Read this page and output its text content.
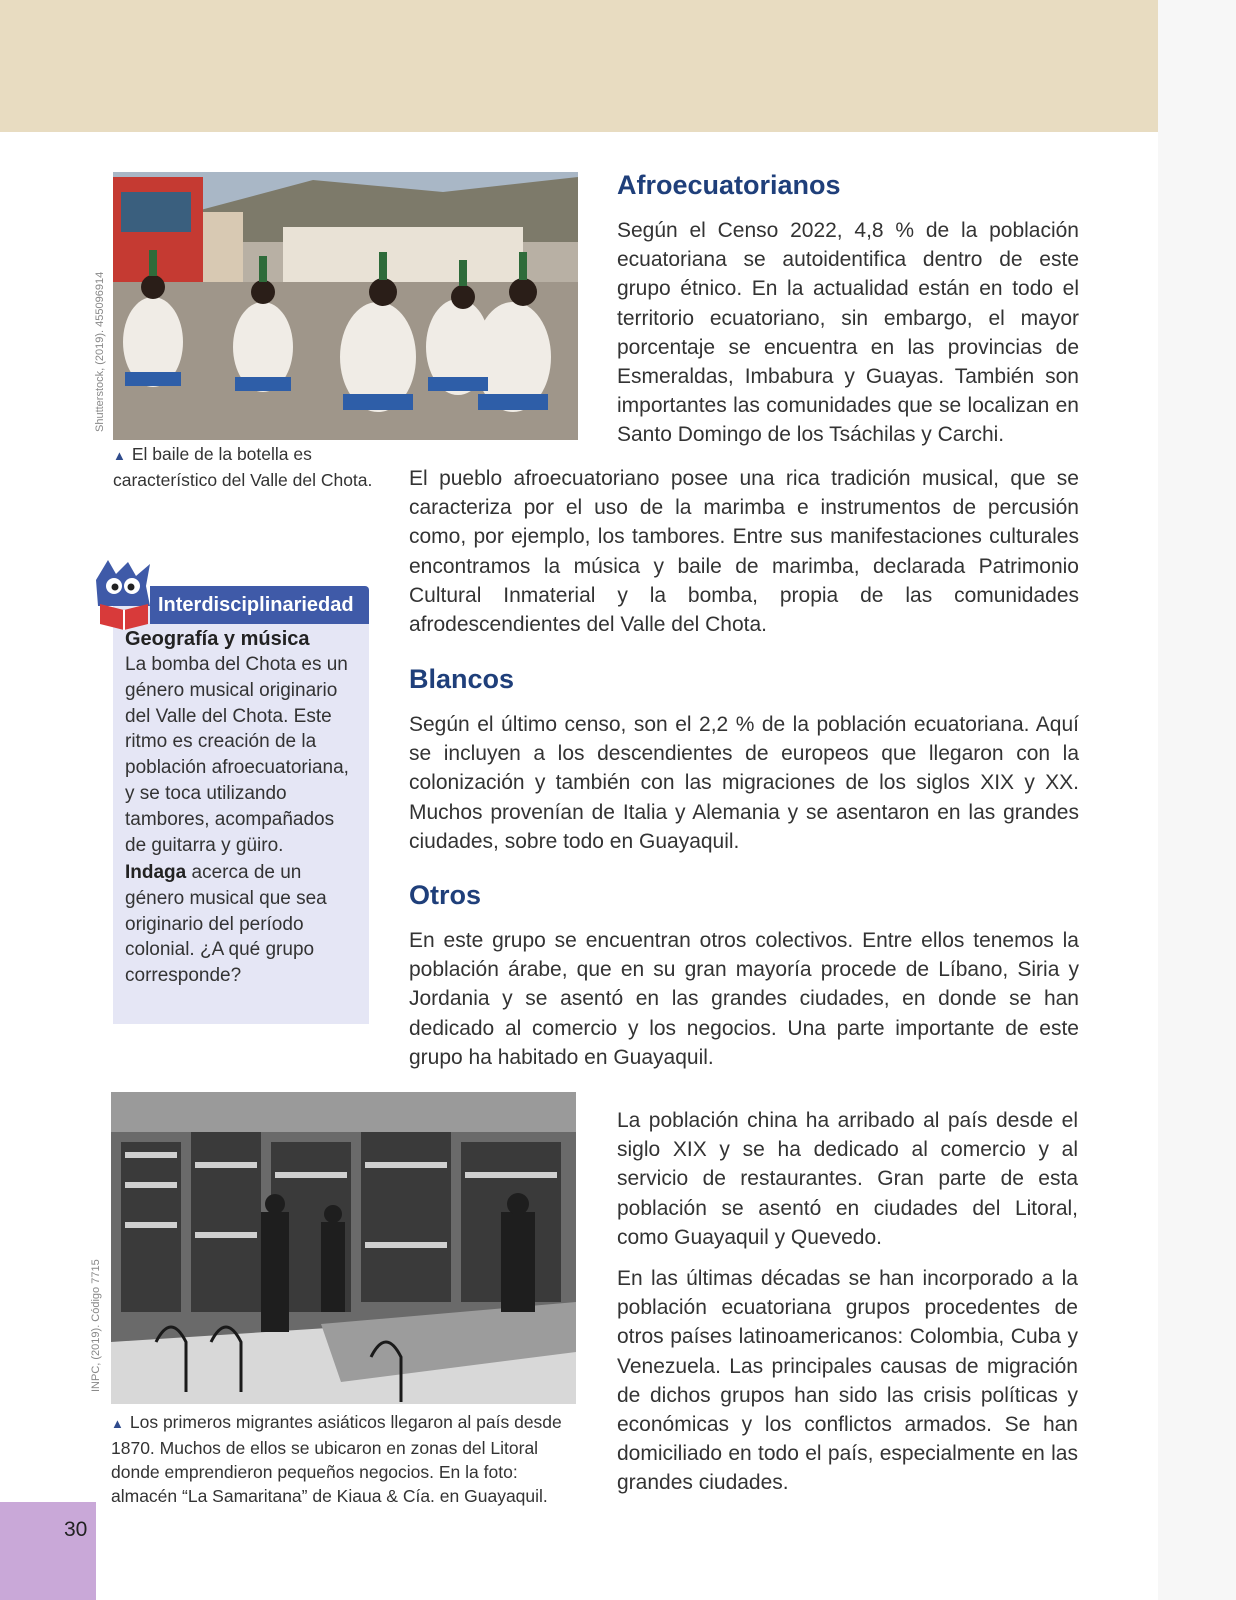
Shutterstock, (2019). 455096914
▲ El baile de la botella es
característico del Valle del Chota.
Afroecuatorianos

Según el Censo 2022, 4,8 % de la población ecuatoriana se autoidentifica dentro de este grupo étnico. En la actualidad están en todo el territorio ecuatoriano, sin embargo, el mayor porcentaje se encuentra en las provincias de Esmeraldas, Imbabura y Guayas. También son importantes las comunidades que se localizan en Santo Domingo de los Tsáchilas y Carchi.

El pueblo afroecuatoriano posee una rica tradición musical, que se caracteriza por el uso de la marimba e instrumentos de percusión como, por ejemplo, los tambores. Entre sus manifestaciones culturales encontramos la música y baile de marimba, declarada Patrimonio Cultural Inmaterial y la bomba, propia de las comunidades afrodescendientes del Valle del Chota.

Interdisciplinariedad
Geografía y música

La bomba del Chota es un género musical originario del Valle del Chota. Este ritmo es creación de la población afroecuatoriana, y se toca utilizando tambores, acompañados de guitarra y güiro.

Indaga acerca de un género musical que sea originario del período colonial. ¿A qué grupo corresponde?

Blancos

Según el último censo, son el 2,2 % de la población ecuatoriana. Aquí se incluyen a los descendientes de europeos que llegaron con la colonización y también con las migraciones de los siglos XIX y XX. Muchos provenían de Italia y Alemania y se asentaron en las grandes ciudades, sobre todo en Guayaquil.

Otros

En este grupo se encuentran otros colectivos. Entre ellos tenemos la población árabe, que en su gran mayoría procede de Líbano, Siria y Jordania y se asentó en las grandes ciudades, en donde se han dedicado al comercio y los negocios. Una parte importante de este grupo ha habitado en Guayaquil.

INPC, (2019). Código 7715
▲ Los primeros migrantes asiáticos llegaron al país desde
1870. Muchos de ellos se ubicaron en zonas del Litoral
donde emprendieron pequeños negocios. En la foto:
almacén “La Samaritana” de Kiaua & Cía. en Guayaquil.

La población china ha arribado al país desde el siglo XIX y se ha dedicado al comercio y al servicio de restaurantes. Gran parte de esta población se asentó en ciudades del Litoral, como Guayaquil y Quevedo.

En las últimas décadas se han incorporado a la población ecuatoriana grupos procedentes de otros países latinoamericanos: Colombia, Cuba y Venezuela. Las principales causas de migración de dichos grupos han sido las crisis políticas y económicas y los conflictos armados. Se han domiciliado en todo el país, especialmente en las grandes ciudades.

30
